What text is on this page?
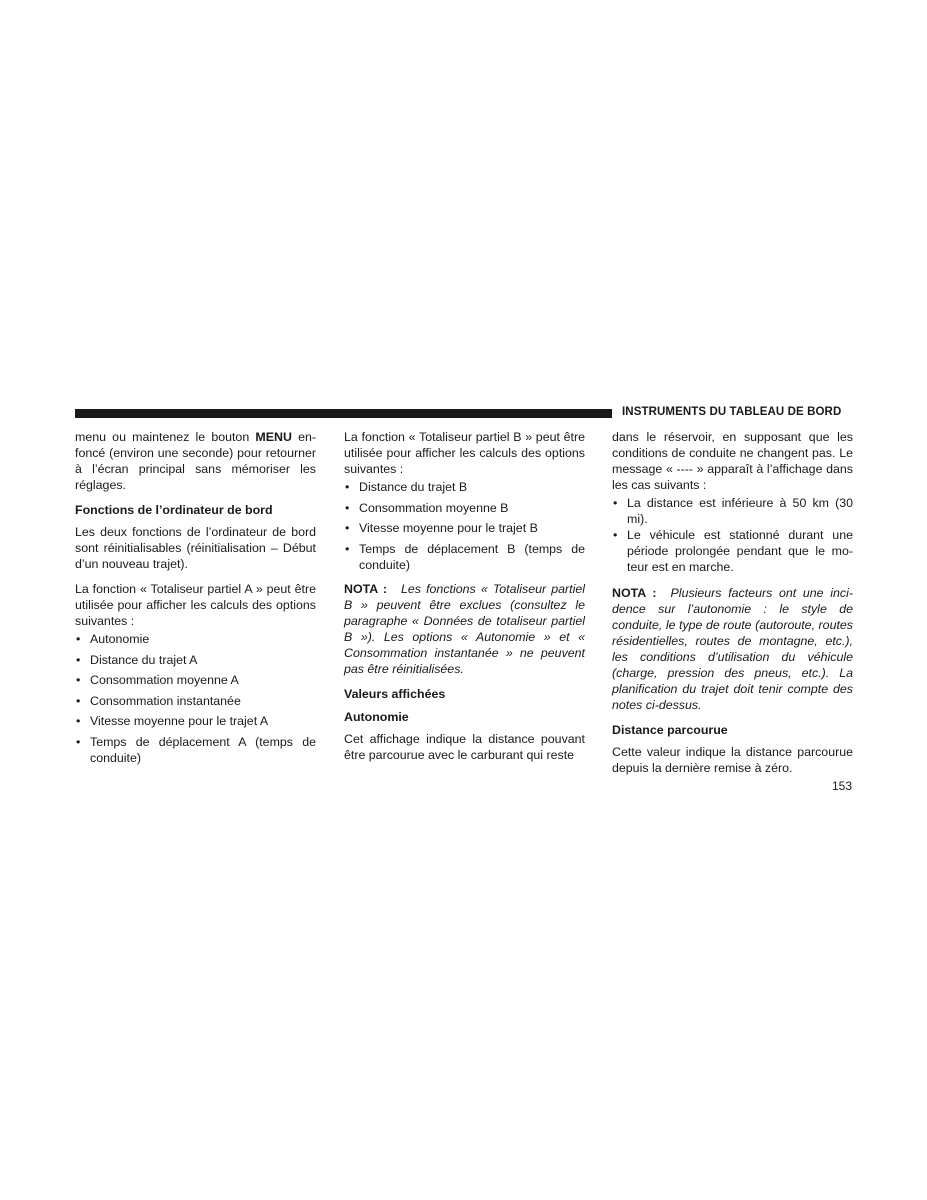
INSTRUMENTS DU TABLEAU DE BORD

menu ou maintenez le bouton MENU enfoncé (environ une seconde) pour retourner à l’écran principal sans mémoriser les réglages.

Fonctions de l’ordinateur de bord

Les deux fonctions de l’ordinateur de bord sont réinitialisables (réinitialisation – Début d’un nouveau trajet).

La fonction « Totaliseur partiel A » peut être utilisée pour afficher les calculs des options suivantes :

• Autonomie
• Distance du trajet A
• Consommation moyenne A
• Consommation instantanée
• Vitesse moyenne pour le trajet A
• Temps de déplacement A (temps de conduite)

La fonction « Totaliseur partiel B » peut être utilisée pour afficher les calculs des options suivantes :

• Distance du trajet B
• Consommation moyenne B
• Vitesse moyenne pour le trajet B
• Temps de déplacement B (temps de conduite)

NOTA : Les fonctions « Totaliseur partiel B » peuvent être exclues (consultez le paragraphe « Données de totaliseur partiel B »). Les options « Autonomie » et « Consommation instantanée » ne peuvent pas être réinitialisées.

Valeurs affichées
Autonomie

Cet affichage indique la distance pouvant être parcourue avec le carburant qui reste

dans le réservoir, en supposant que les conditions de conduite ne changent pas. Le message « ---- » apparaît à l’affichage dans les cas suivants :

• La distance est inférieure à 50 km (30 mi).
• Le véhicule est stationné durant une période prolongée pendant que le moteur est en marche.

NOTA : Plusieurs facteurs ont une incidence sur l’autonomie : le style de conduite, le type de route (autoroute, routes résidentielles, routes de montagne, etc.), les conditions d’utilisation du véhicule (charge, pression des pneus, etc.). La planification du trajet doit tenir compte des notes ci-dessus.

Distance parcourue

Cette valeur indique la distance parcourue depuis la dernière remise à zéro.

153
